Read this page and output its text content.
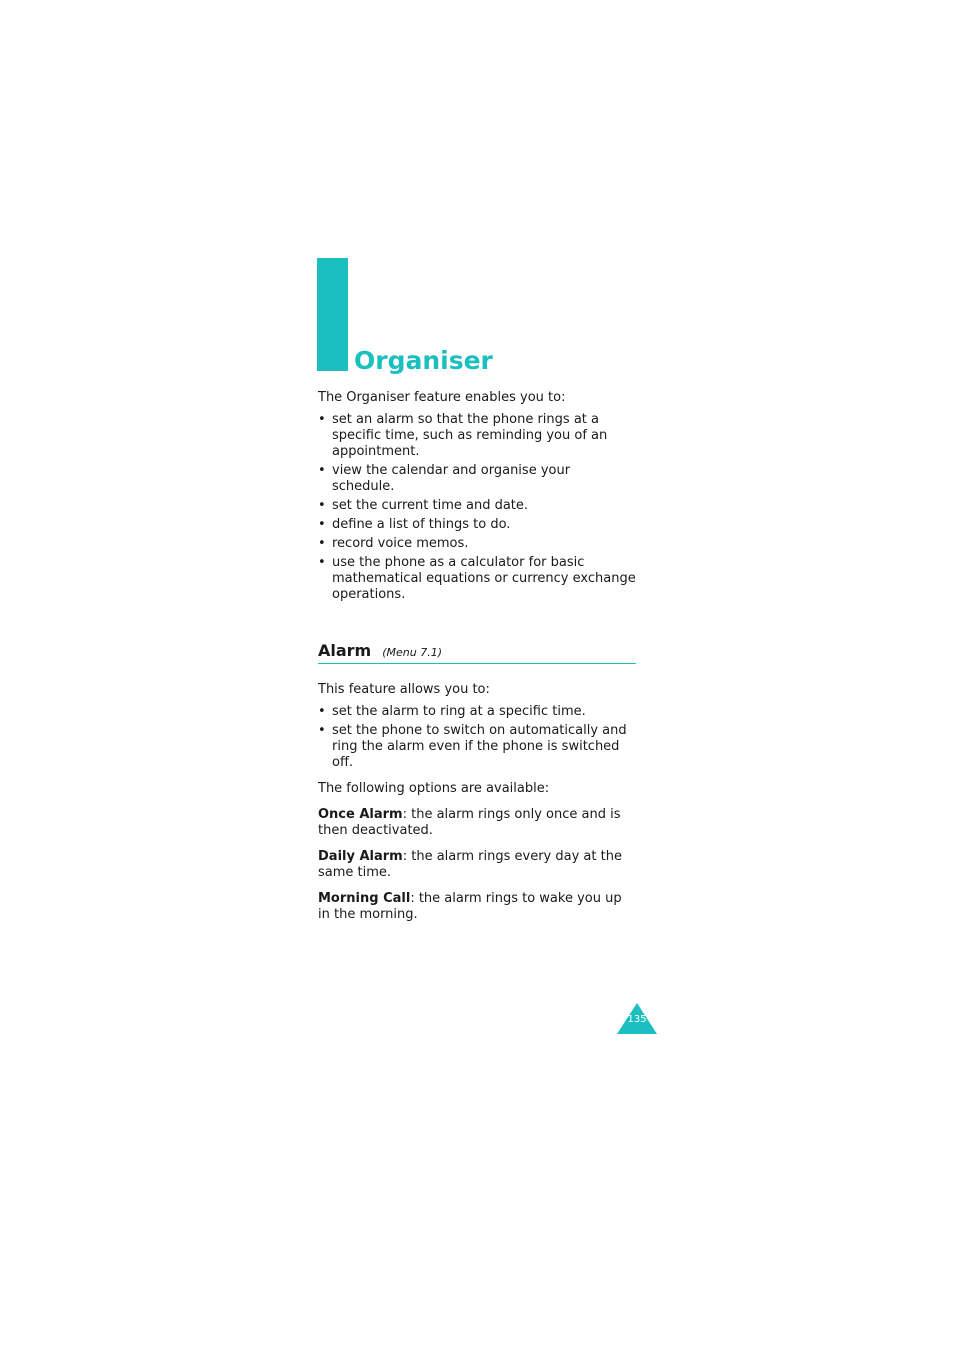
Organiser

The Organiser feature enables you to:

• set an alarm so that the phone rings at a specific time, such as reminding you of an appointment.
• view the calendar and organise your schedule.
• set the current time and date.
• define a list of things to do.
• record voice memos.
• use the phone as a calculator for basic mathematical equations or currency exchange operations.
Alarm (Menu 7.1)

This feature allows you to:

• set the alarm to ring at a specific time.
• set the phone to switch on automatically and ring the alarm even if the phone is switched off.

The following options are available:

Once Alarm: the alarm rings only once and is then deactivated.

Daily Alarm: the alarm rings every day at the same time.

Morning Call: the alarm rings to wake you up in the morning.

135
